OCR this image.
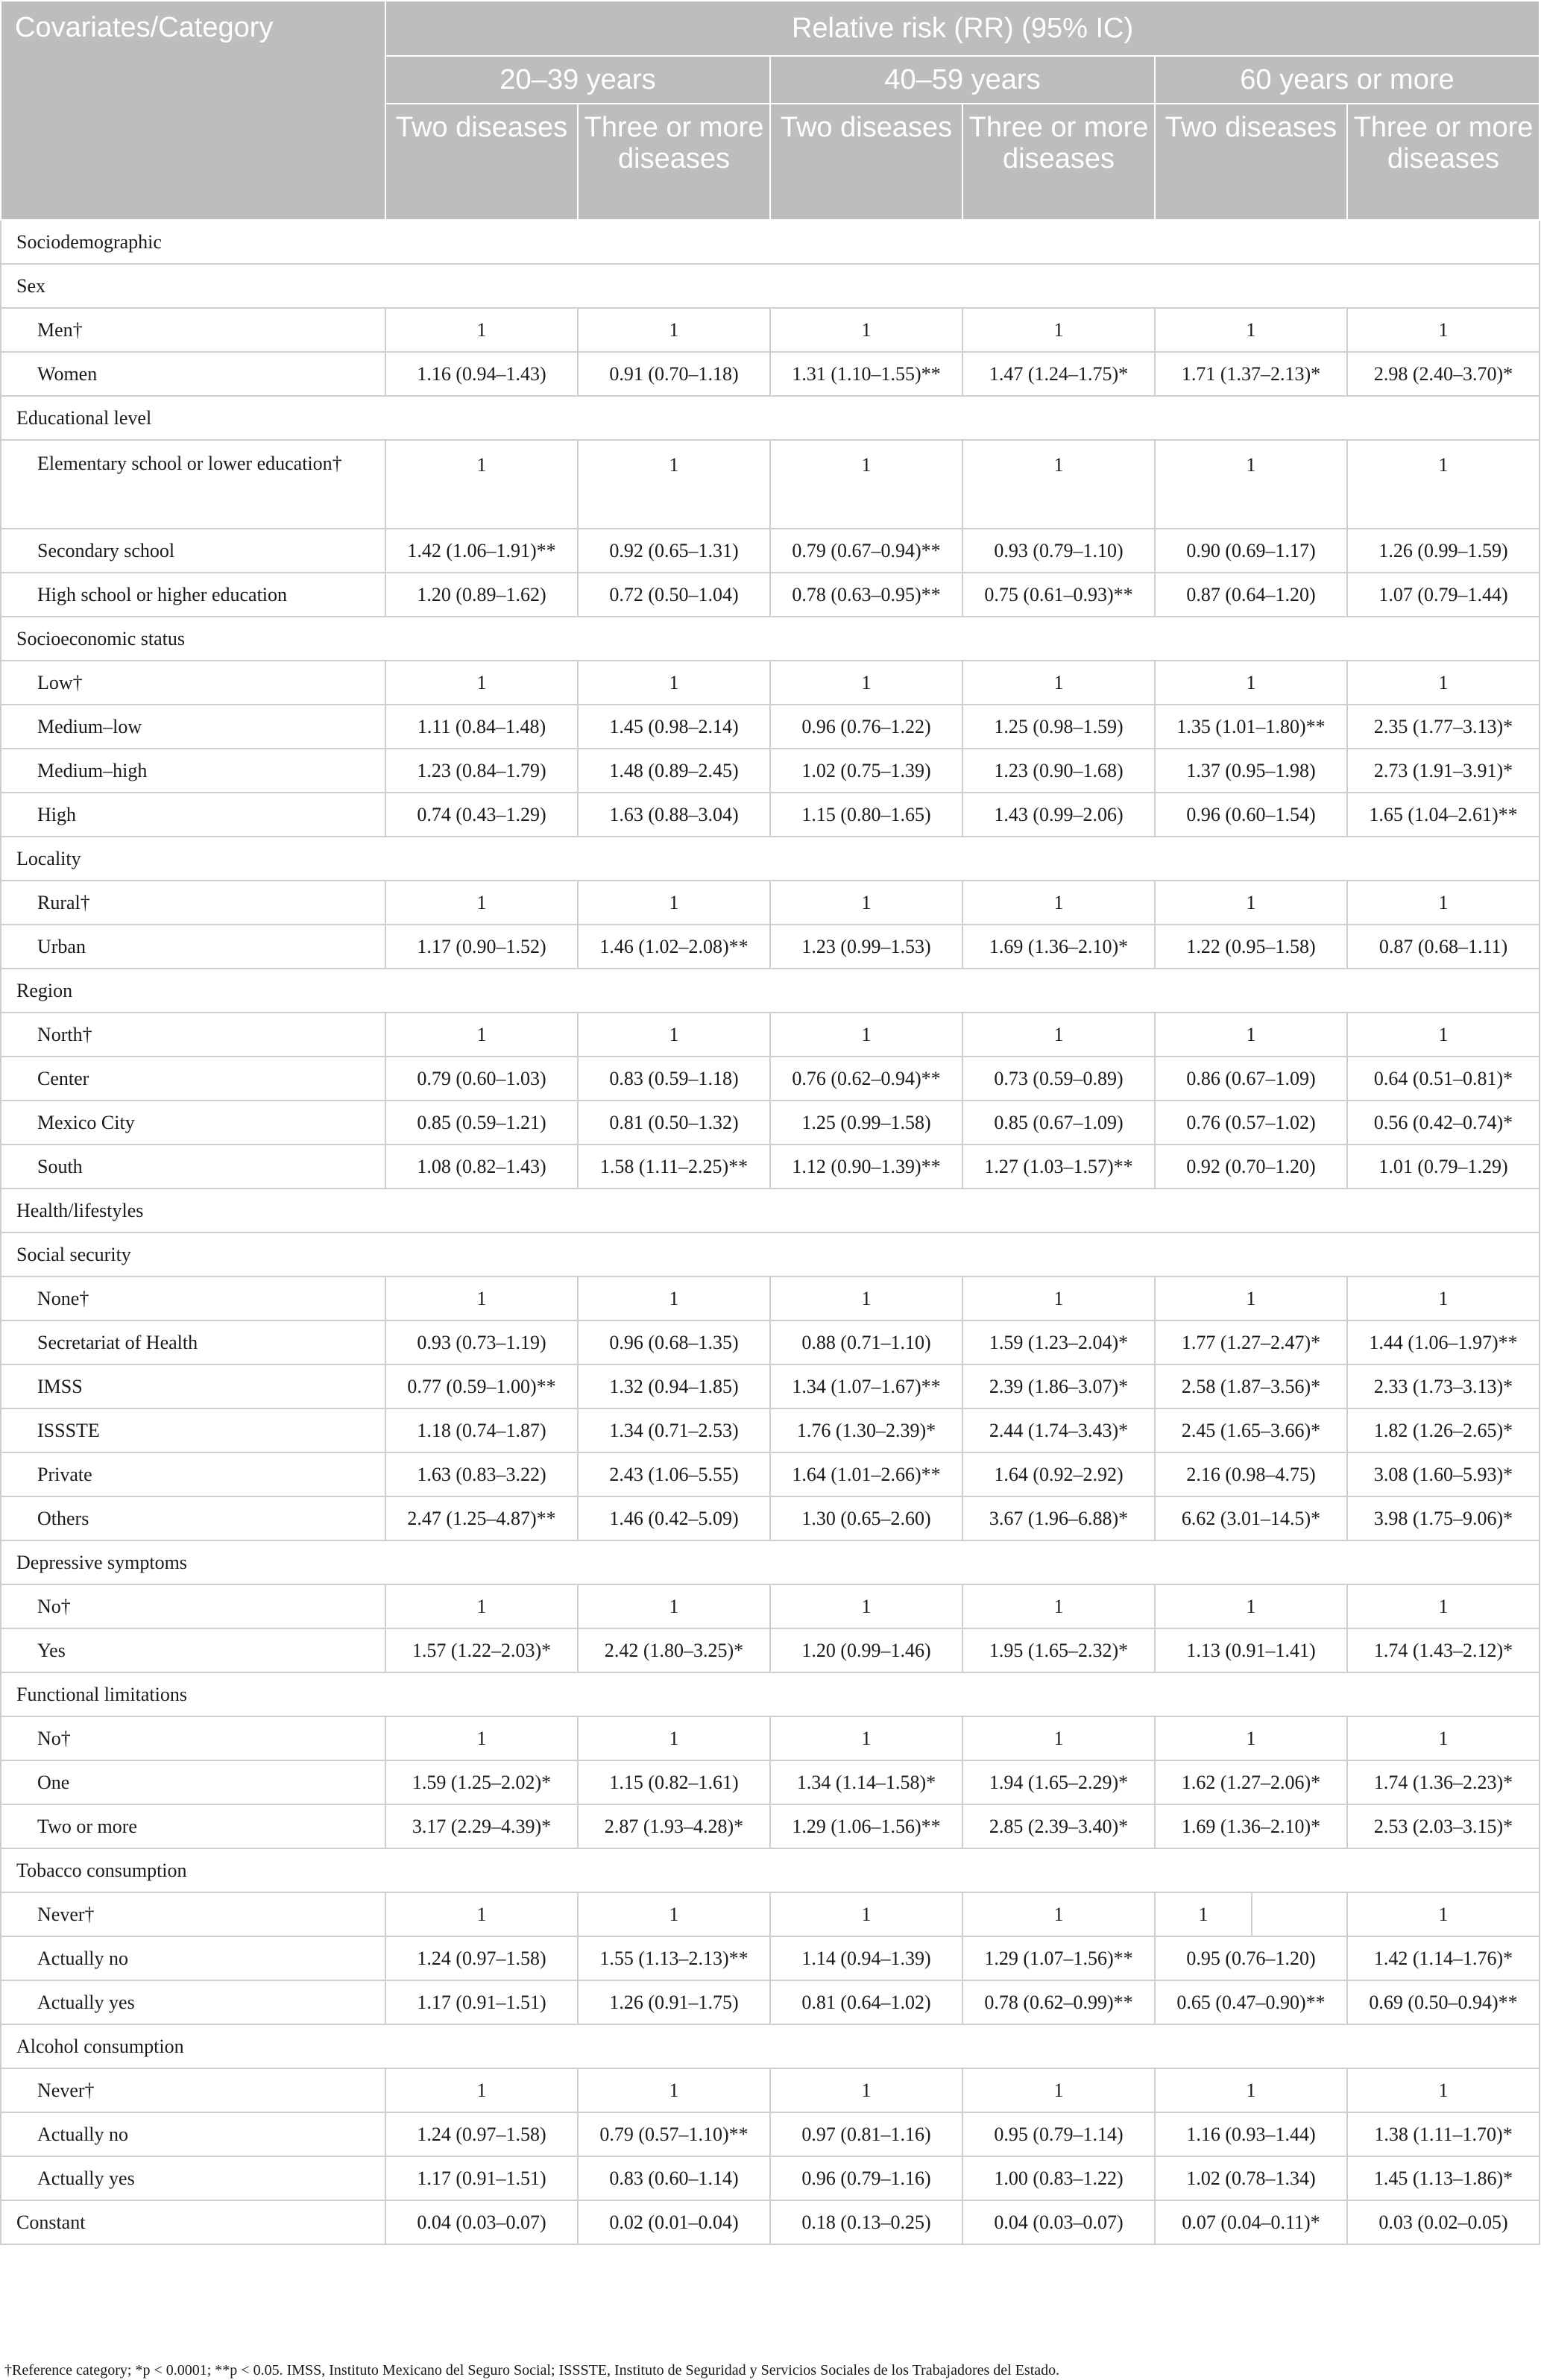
Covariates/Category	Relative risk (RR) (95% IC)					
	20–39 years		40–59 years		60 years or more	
	Two diseases	Three or more diseases	Two diseases	Three or more diseases	Two diseases	Three or more diseases
Sociodemographic						
Sex						
Men†	1	1	1	1	1	1
Women	1.16 (0.94–1.43)	0.91 (0.70–1.18)	1.31 (1.10–1.55)**	1.47 (1.24–1.75)*	1.71 (1.37–2.13)*	2.98 (2.40–3.70)*
Educational level						
Elementary school or lower education†	1	1	1	1	1	1
Secondary school	1.42 (1.06–1.91)**	0.92 (0.65–1.31)	0.79 (0.67–0.94)**	0.93 (0.79–1.10)	0.90 (0.69–1.17)	1.26 (0.99–1.59)
High school or higher education	1.20 (0.89–1.62)	0.72 (0.50–1.04)	0.78 (0.63–0.95)**	0.75 (0.61–0.93)**	0.87 (0.64–1.20)	1.07 (0.79–1.44)
Socioeconomic status						
Low†	1	1	1	1	1	1
Medium–low	1.11 (0.84–1.48)	1.45 (0.98–2.14)	0.96 (0.76–1.22)	1.25 (0.98–1.59)	1.35 (1.01–1.80)**	2.35 (1.77–3.13)*
Medium–high	1.23 (0.84–1.79)	1.48 (0.89–2.45)	1.02 (0.75–1.39)	1.23 (0.90–1.68)	1.37 (0.95–1.98)	2.73 (1.91–3.91)*
High	0.74 (0.43–1.29)	1.63 (0.88–3.04)	1.15 (0.80–1.65)	1.43 (0.99–2.06)	0.96 (0.60–1.54)	1.65 (1.04–2.61)**
Locality						
Rural†	1	1	1	1	1	1
Urban	1.17 (0.90–1.52)	1.46 (1.02–2.08)**	1.23 (0.99–1.53)	1.69 (1.36–2.10)*	1.22 (0.95–1.58)	0.87 (0.68–1.11)
Region						
North†	1	1	1	1	1	1
Center	0.79 (0.60–1.03)	0.83 (0.59–1.18)	0.76 (0.62–0.94)**	0.73 (0.59–0.89)	0.86 (0.67–1.09)	0.64 (0.51–0.81)*
Mexico City	0.85 (0.59–1.21)	0.81 (0.50–1.32)	1.25 (0.99–1.58)	0.85 (0.67–1.09)	0.76 (0.57–1.02)	0.56 (0.42–0.74)*
South	1.08 (0.82–1.43)	1.58 (1.11–2.25)**	1.12 (0.90–1.39)**	1.27 (1.03–1.57)**	0.92 (0.70–1.20)	1.01 (0.79–1.29)
Health/lifestyles						
Social security						
None†	1	1	1	1	1	1
Secretariat of Health	0.93 (0.73–1.19)	0.96 (0.68–1.35)	0.88 (0.71–1.10)	1.59 (1.23–2.04)*	1.77 (1.27–2.47)*	1.44 (1.06–1.97)**
IMSS	0.77 (0.59–1.00)**	1.32 (0.94–1.85)	1.34 (1.07–1.67)**	2.39 (1.86–3.07)*	2.58 (1.87–3.56)*	2.33 (1.73–3.13)*
ISSSTE	1.18 (0.74–1.87)	1.34 (0.71–2.53)	1.76 (1.30–2.39)*	2.44 (1.74–3.43)*	2.45 (1.65–3.66)*	1.82 (1.26–2.65)*
Private	1.63 (0.83–3.22)	2.43 (1.06–5.55)	1.64 (1.01–2.66)**	1.64 (0.92–2.92)	2.16 (0.98–4.75)	3.08 (1.60–5.93)*
Others	2.47 (1.25–4.87)**	1.46 (0.42–5.09)	1.30 (0.65–2.60)	3.67 (1.96–6.88)*	6.62 (3.01–14.5)*	3.98 (1.75–9.06)*
Depressive symptoms						
No†	1	1	1	1	1	1
Yes	1.57 (1.22–2.03)*	2.42 (1.80–3.25)*	1.20 (0.99–1.46)	1.95 (1.65–2.32)*	1.13 (0.91–1.41)	1.74 (1.43–2.12)*
Functional limitations						
No†	1	1	1	1	1	1
One	1.59 (1.25–2.02)*	1.15 (0.82–1.61)	1.34 (1.14–1.58)*	1.94 (1.65–2.29)*	1.62 (1.27–2.06)*	1.74 (1.36–2.23)*
Two or more	3.17 (2.29–4.39)*	2.87 (1.93–4.28)*	1.29 (1.06–1.56)**	2.85 (2.39–3.40)*	1.69 (1.36–2.10)*	2.53 (2.03–3.15)*
Tobacco consumption						
Never†	1	1	1	1	1	1
Actually no	1.24 (0.97–1.58)	1.55 (1.13–2.13)**	1.14 (0.94–1.39)	1.29 (1.07–1.56)**	0.95 (0.76–1.20)	1.42 (1.14–1.76)*
Actually yes	1.17 (0.91–1.51)	1.26 (0.91–1.75)	0.81 (0.64–1.02)	0.78 (0.62–0.99)**	0.65 (0.47–0.90)**	0.69 (0.50–0.94)**
Alcohol consumption						
Never†	1	1	1	1	1	1
Actually no	1.24 (0.97–1.58)	0.79 (0.57–1.10)**	0.97 (0.81–1.16)	0.95 (0.79–1.14)	1.16 (0.93–1.44)	1.38 (1.11–1.70)*
Actually yes	1.17 (0.91–1.51)	0.83 (0.60–1.14)	0.96 (0.79–1.16)	1.00 (0.83–1.22)	1.02 (0.78–1.34)	1.45 (1.13–1.86)*
Constant	0.04 (0.03–0.07)	0.02 (0.01–0.04)	0.18 (0.13–0.25)	0.04 (0.03–0.07)	0.07 (0.04–0.11)*	0.03 (0.02–0.05)
†Reference category; *p < 0.0001; **p < 0.05. IMSS, Instituto Mexicano del Seguro Social; ISSSTE, Instituto de Seguridad y Servicios Sociales de los Trabajadores del Estado.
